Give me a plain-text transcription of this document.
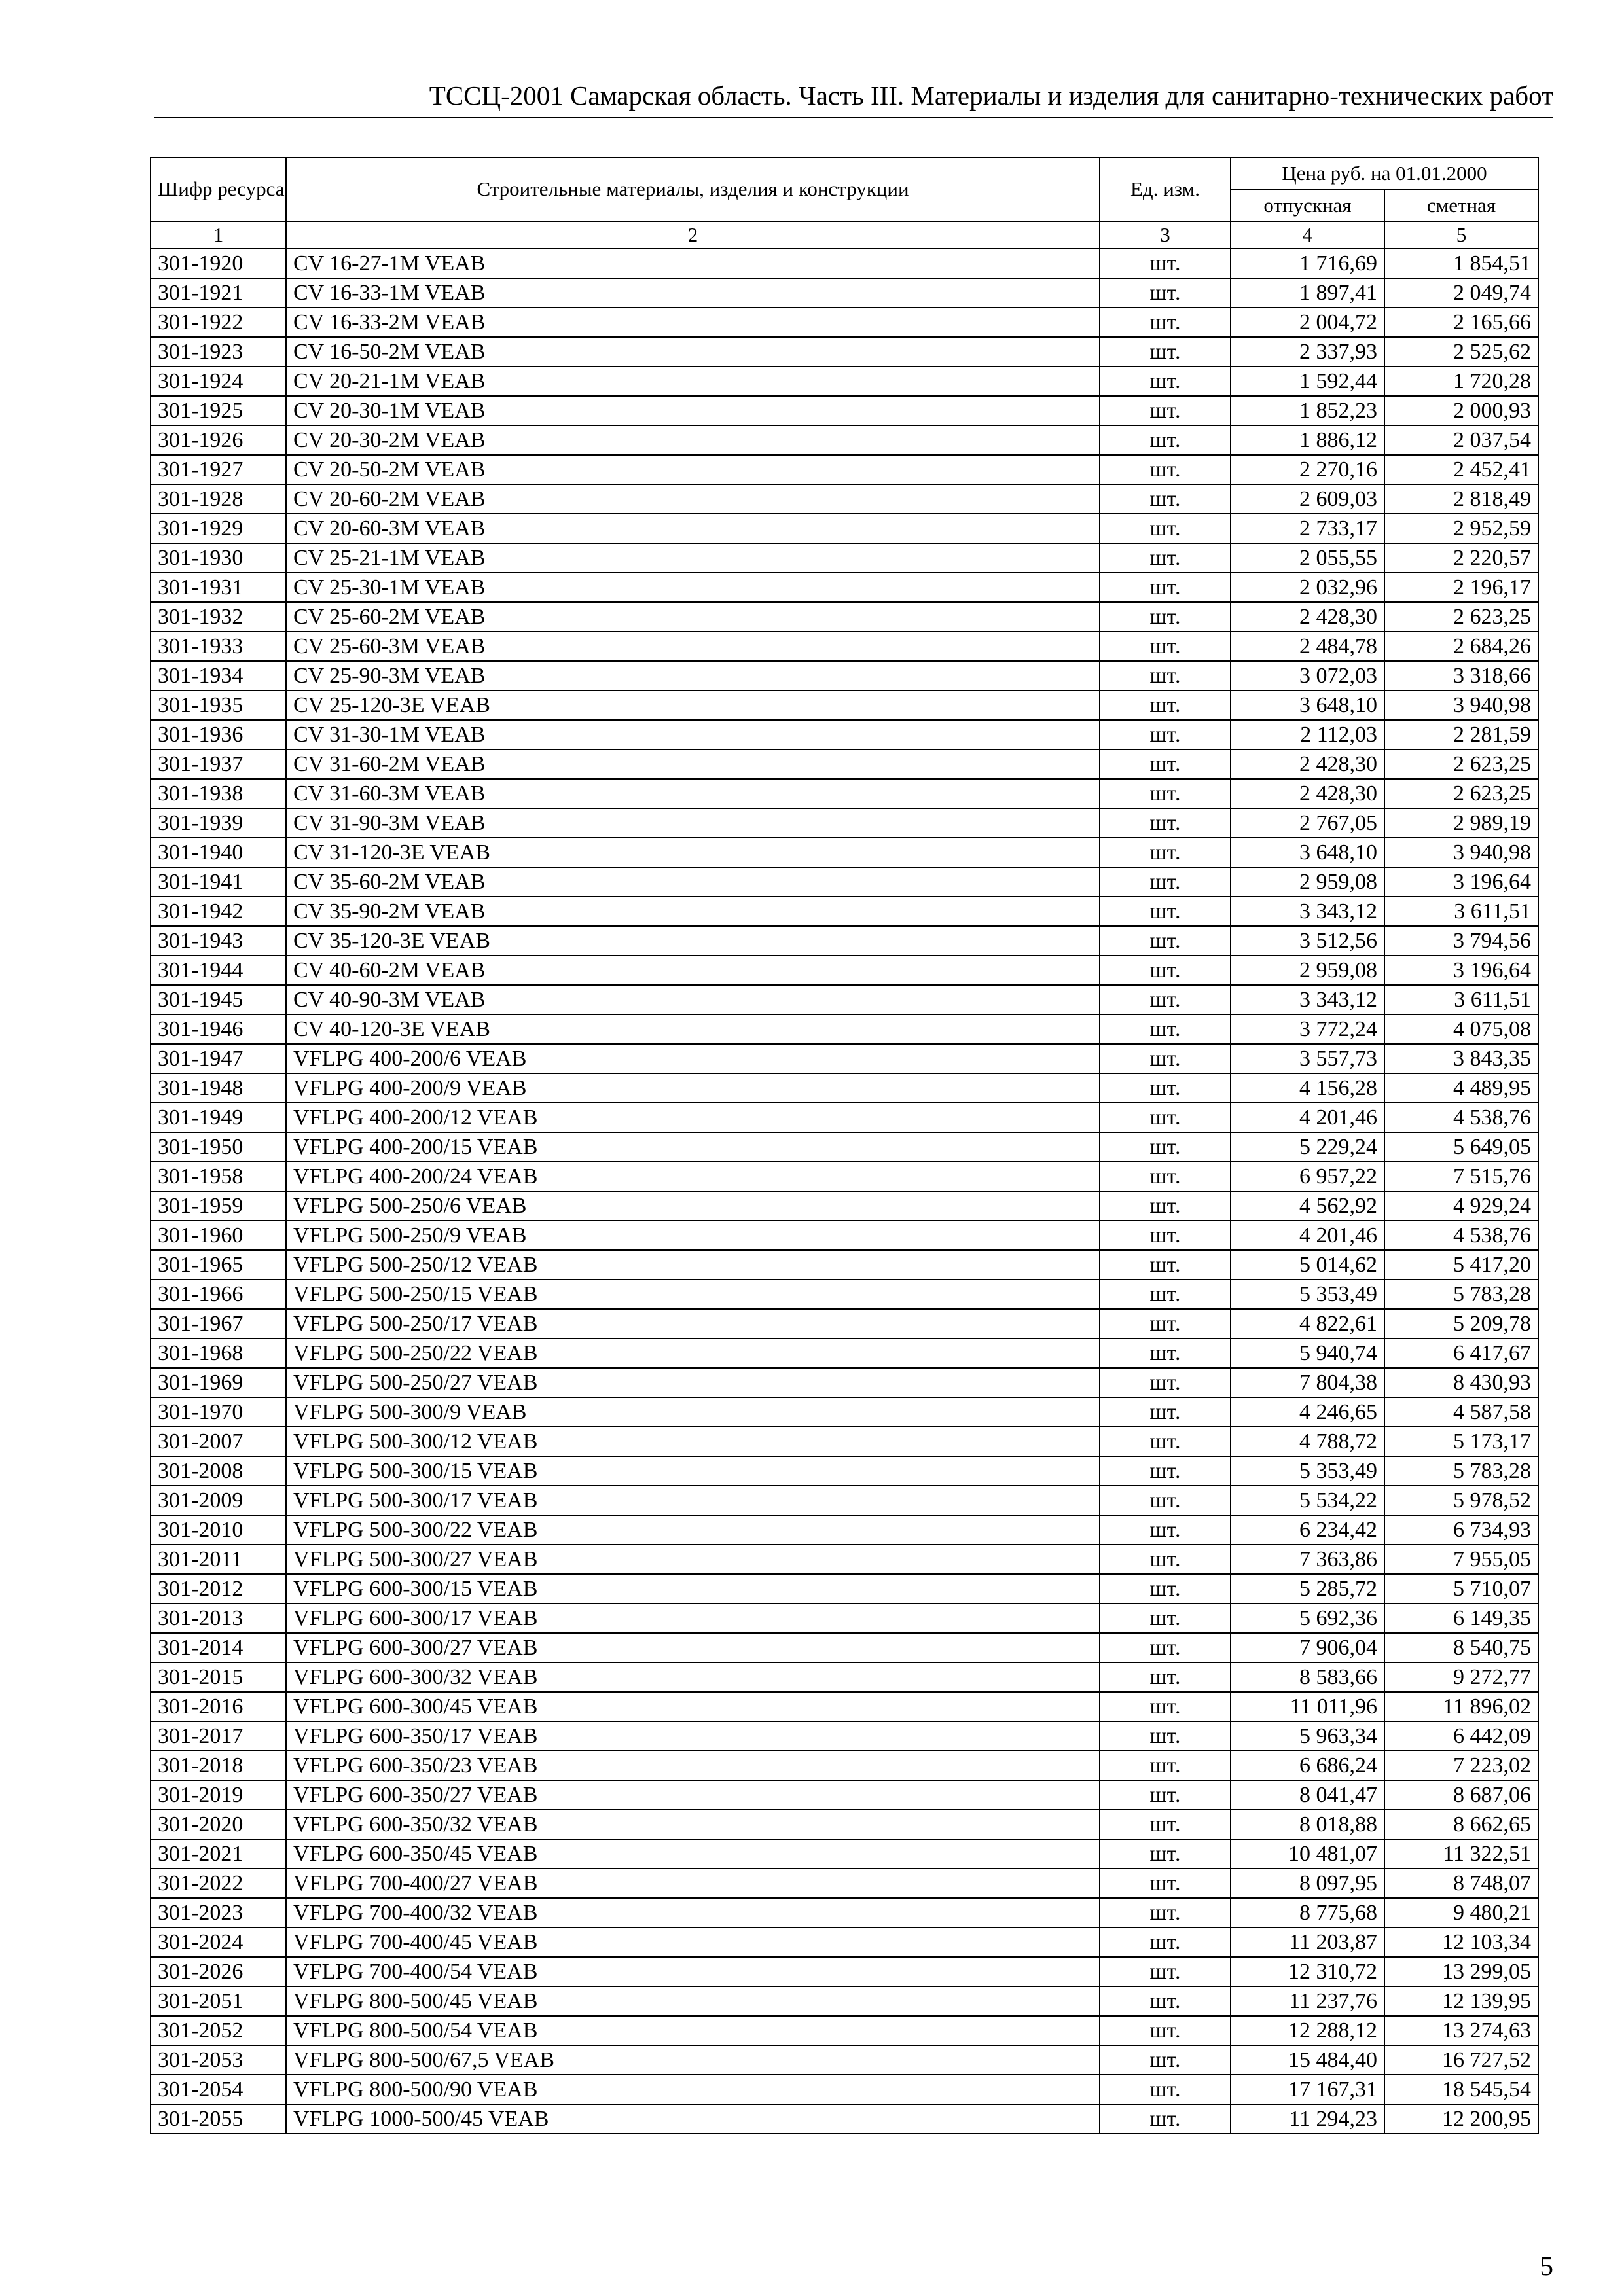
ТССЦ-2001 Самарская область. Часть III. Материалы и изделия для санитарно-технических работ
Шифр ресурса	Строительные материалы, изделия и конструкции	Ед. изм.	Цена руб. на 01.01.2000	
			отпускная	сметная
1	2	3	4	5
301-1920	CV 16-27-1M VEAB	шт.	1 716,69	1 854,51
301-1921	CV 16-33-1M VEAB	шт.	1 897,41	2 049,74
301-1922	CV 16-33-2M VEAB	шт.	2 004,72	2 165,66
301-1923	CV 16-50-2M VEAB	шт.	2 337,93	2 525,62
301-1924	CV 20-21-1M VEAB	шт.	1 592,44	1 720,28
301-1925	CV 20-30-1M VEAB	шт.	1 852,23	2 000,93
301-1926	CV 20-30-2M VEAB	шт.	1 886,12	2 037,54
301-1927	CV 20-50-2M VEAB	шт.	2 270,16	2 452,41
301-1928	CV 20-60-2M VEAB	шт.	2 609,03	2 818,49
301-1929	CV 20-60-3M VEAB	шт.	2 733,17	2 952,59
301-1930	CV 25-21-1M VEAB	шт.	2 055,55	2 220,57
301-1931	CV 25-30-1M VEAB	шт.	2 032,96	2 196,17
301-1932	CV 25-60-2M VEAB	шт.	2 428,30	2 623,25
301-1933	CV 25-60-3M VEAB	шт.	2 484,78	2 684,26
301-1934	CV 25-90-3M VEAB	шт.	3 072,03	3 318,66
301-1935	CV 25-120-3E VEAB	шт.	3 648,10	3 940,98
301-1936	CV 31-30-1M VEAB	шт.	2 112,03	2 281,59
301-1937	CV 31-60-2M VEAB	шт.	2 428,30	2 623,25
301-1938	CV 31-60-3M VEAB	шт.	2 428,30	2 623,25
301-1939	CV 31-90-3M VEAB	шт.	2 767,05	2 989,19
301-1940	CV 31-120-3E VEAB	шт.	3 648,10	3 940,98
301-1941	CV 35-60-2M VEAB	шт.	2 959,08	3 196,64
301-1942	CV 35-90-2M VEAB	шт.	3 343,12	3 611,51
301-1943	CV 35-120-3E VEAB	шт.	3 512,56	3 794,56
301-1944	CV 40-60-2M VEAB	шт.	2 959,08	3 196,64
301-1945	CV 40-90-3M VEAB	шт.	3 343,12	3 611,51
301-1946	CV 40-120-3E VEAB	шт.	3 772,24	4 075,08
301-1947	VFLPG 400-200/6 VEAB	шт.	3 557,73	3 843,35
301-1948	VFLPG 400-200/9 VEAB	шт.	4 156,28	4 489,95
301-1949	VFLPG 400-200/12 VEAB	шт.	4 201,46	4 538,76
301-1950	VFLPG 400-200/15 VEAB	шт.	5 229,24	5 649,05
301-1958	VFLPG 400-200/24 VEAB	шт.	6 957,22	7 515,76
301-1959	VFLPG 500-250/6 VEAB	шт.	4 562,92	4 929,24
301-1960	VFLPG 500-250/9 VEAB	шт.	4 201,46	4 538,76
301-1965	VFLPG 500-250/12 VEAB	шт.	5 014,62	5 417,20
301-1966	VFLPG 500-250/15 VEAB	шт.	5 353,49	5 783,28
301-1967	VFLPG 500-250/17 VEAB	шт.	4 822,61	5 209,78
301-1968	VFLPG 500-250/22 VEAB	шт.	5 940,74	6 417,67
301-1969	VFLPG 500-250/27 VEAB	шт.	7 804,38	8 430,93
301-1970	VFLPG 500-300/9 VEAB	шт.	4 246,65	4 587,58
301-2007	VFLPG 500-300/12 VEAB	шт.	4 788,72	5 173,17
301-2008	VFLPG 500-300/15 VEAB	шт.	5 353,49	5 783,28
301-2009	VFLPG 500-300/17 VEAB	шт.	5 534,22	5 978,52
301-2010	VFLPG 500-300/22 VEAB	шт.	6 234,42	6 734,93
301-2011	VFLPG 500-300/27 VEAB	шт.	7 363,86	7 955,05
301-2012	VFLPG 600-300/15 VEAB	шт.	5 285,72	5 710,07
301-2013	VFLPG 600-300/17 VEAB	шт.	5 692,36	6 149,35
301-2014	VFLPG 600-300/27 VEAB	шт.	7 906,04	8 540,75
301-2015	VFLPG 600-300/32 VEAB	шт.	8 583,66	9 272,77
301-2016	VFLPG 600-300/45 VEAB	шт.	11 011,96	11 896,02
301-2017	VFLPG 600-350/17 VEAB	шт.	5 963,34	6 442,09
301-2018	VFLPG 600-350/23 VEAB	шт.	6 686,24	7 223,02
301-2019	VFLPG 600-350/27 VEAB	шт.	8 041,47	8 687,06
301-2020	VFLPG 600-350/32 VEAB	шт.	8 018,88	8 662,65
301-2021	VFLPG 600-350/45 VEAB	шт.	10 481,07	11 322,51
301-2022	VFLPG 700-400/27 VEAB	шт.	8 097,95	8 748,07
301-2023	VFLPG 700-400/32 VEAB	шт.	8 775,68	9 480,21
301-2024	VFLPG 700-400/45 VEAB	шт.	11 203,87	12 103,34
301-2026	VFLPG 700-400/54 VEAB	шт.	12 310,72	13 299,05
301-2051	VFLPG 800-500/45 VEAB	шт.	11 237,76	12 139,95
301-2052	VFLPG 800-500/54 VEAB	шт.	12 288,12	13 274,63
301-2053	VFLPG 800-500/67,5 VEAB	шт.	15 484,40	16 727,52
301-2054	VFLPG 800-500/90 VEAB	шт.	17 167,31	18 545,54
301-2055	VFLPG 1000-500/45 VEAB	шт.	11 294,23	12 200,95
5
